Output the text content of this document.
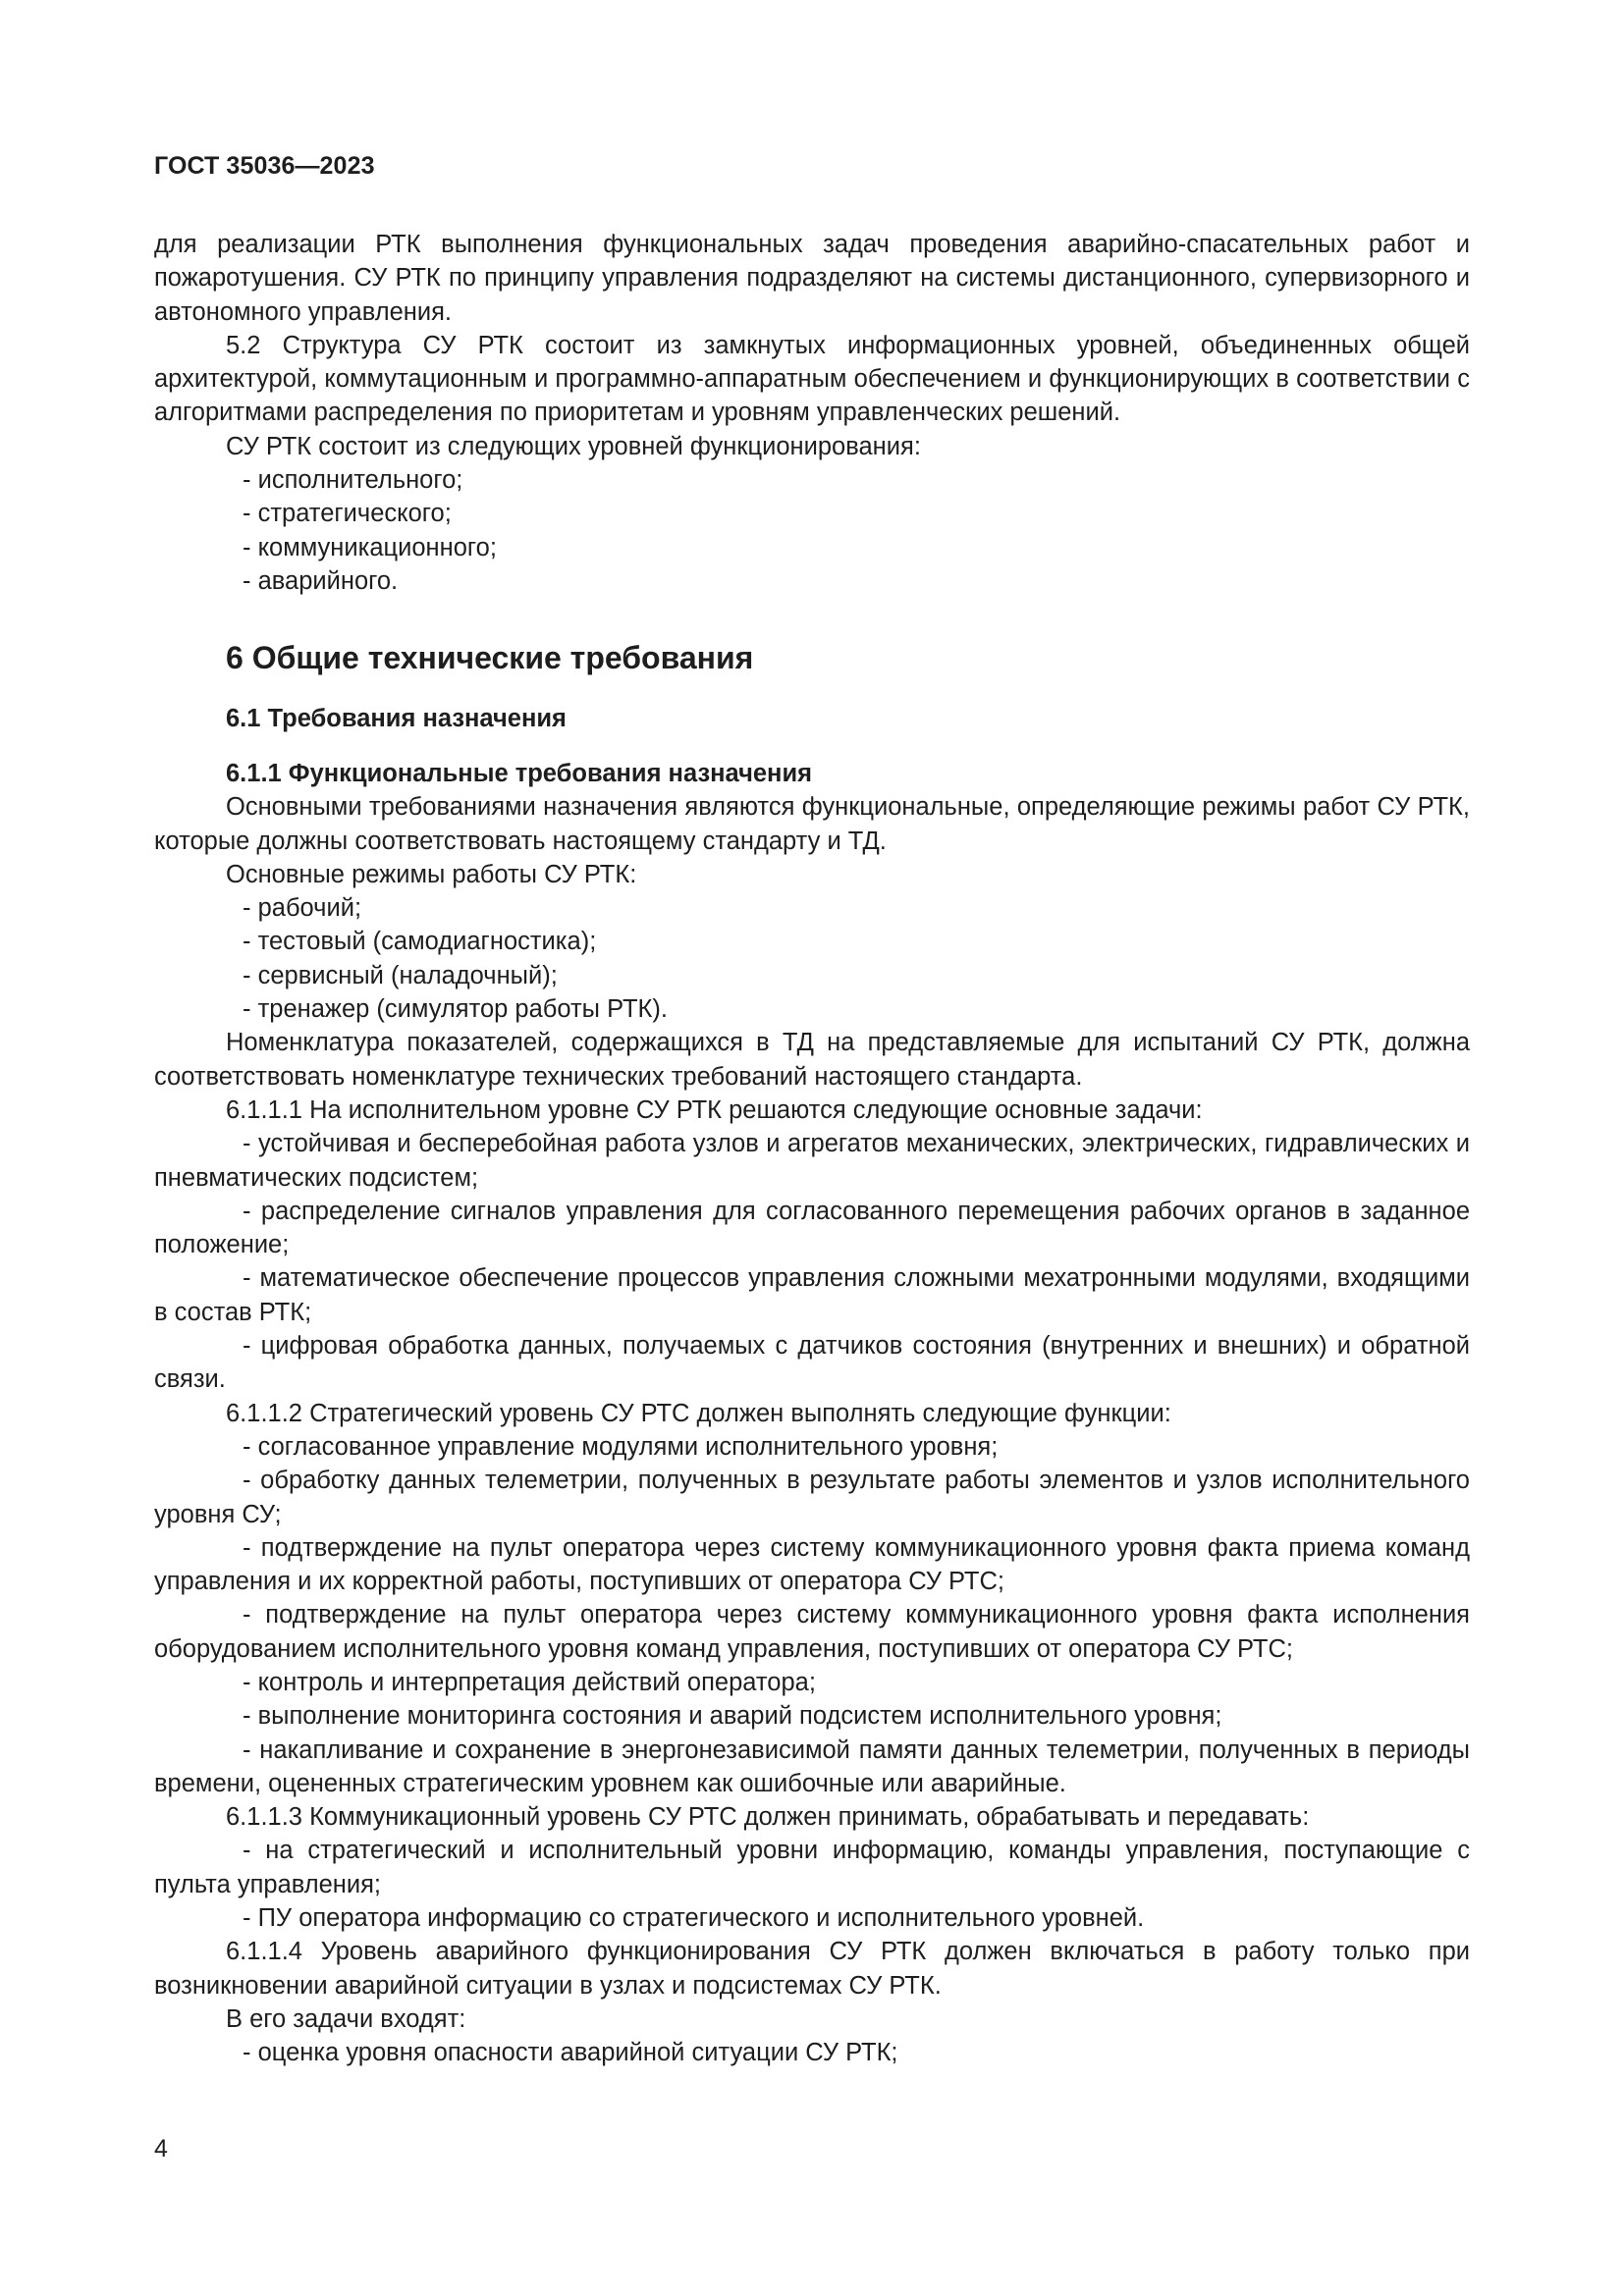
ГОСТ 35036—2023

для реализации РТК выполнения функциональных задач проведения аварийно-спасательных работ и пожаротушения. СУ РТК по принципу управления подразделяют на системы дистанционного, супервизорного и автономного управления.

5.2 Структура СУ РТК состоит из замкнутых информационных уровней, объединенных общей архитектурой, коммутационным и программно-аппаратным обеспечением и функционирующих в соответствии с алгоритмами распределения по приоритетам и уровням управленческих решений.

СУ РТК состоит из следующих уровней функционирования:

- исполнительного;

- стратегического;

- коммуникационного;

- аварийного.

6 Общие технические требования
6.1 Требования назначения
6.1.1 Функциональные требования назначения

Основными требованиями назначения являются функциональные, определяющие режимы работ СУ РТК, которые должны соответствовать настоящему стандарту и ТД.

Основные режимы работы СУ РТК:

- рабочий;

- тестовый (самодиагностика);

- сервисный (наладочный);

- тренажер (симулятор работы РТК).

Номенклатура показателей, содержащихся в ТД на представляемые для испытаний СУ РТК, должна соответствовать номенклатуре технических требований настоящего стандарта.

6.1.1.1 На исполнительном уровне СУ РТК решаются следующие основные задачи:

- устойчивая и бесперебойная работа узлов и агрегатов механических, электрических, гидравлических и пневматических подсистем;

- распределение сигналов управления для согласованного перемещения рабочих органов в заданное положение;

- математическое обеспечение процессов управления сложными мехатронными модулями, входящими в состав РТК;

- цифровая обработка данных, получаемых с датчиков состояния (внутренних и внешних) и обратной связи.

6.1.1.2 Стратегический уровень СУ РТС должен выполнять следующие функции:

- согласованное управление модулями исполнительного уровня;

- обработку данных телеметрии, полученных в результате работы элементов и узлов исполнительного уровня СУ;

- подтверждение на пульт оператора через систему коммуникационного уровня факта приема команд управления и их корректной работы, поступивших от оператора СУ РТС;

- подтверждение на пульт оператора через систему коммуникационного уровня факта исполнения оборудованием исполнительного уровня команд управления, поступивших от оператора СУ РТС;

- контроль и интерпретация действий оператора;

- выполнение мониторинга состояния и аварий подсистем исполнительного уровня;

- накапливание и сохранение в энергонезависимой памяти данных телеметрии, полученных в периоды времени, оцененных стратегическим уровнем как ошибочные или аварийные.

6.1.1.3 Коммуникационный уровень СУ РТС должен принимать, обрабатывать и передавать:

- на стратегический и исполнительный уровни информацию, команды управления, поступающие с пульта управления;

- ПУ оператора информацию со стратегического и исполнительного уровней.

6.1.1.4 Уровень аварийного функционирования СУ РТК должен включаться в работу только при возникновении аварийной ситуации в узлах и подсистемах СУ РТК.

В его задачи входят:

- оценка уровня опасности аварийной ситуации СУ РТК;

4
